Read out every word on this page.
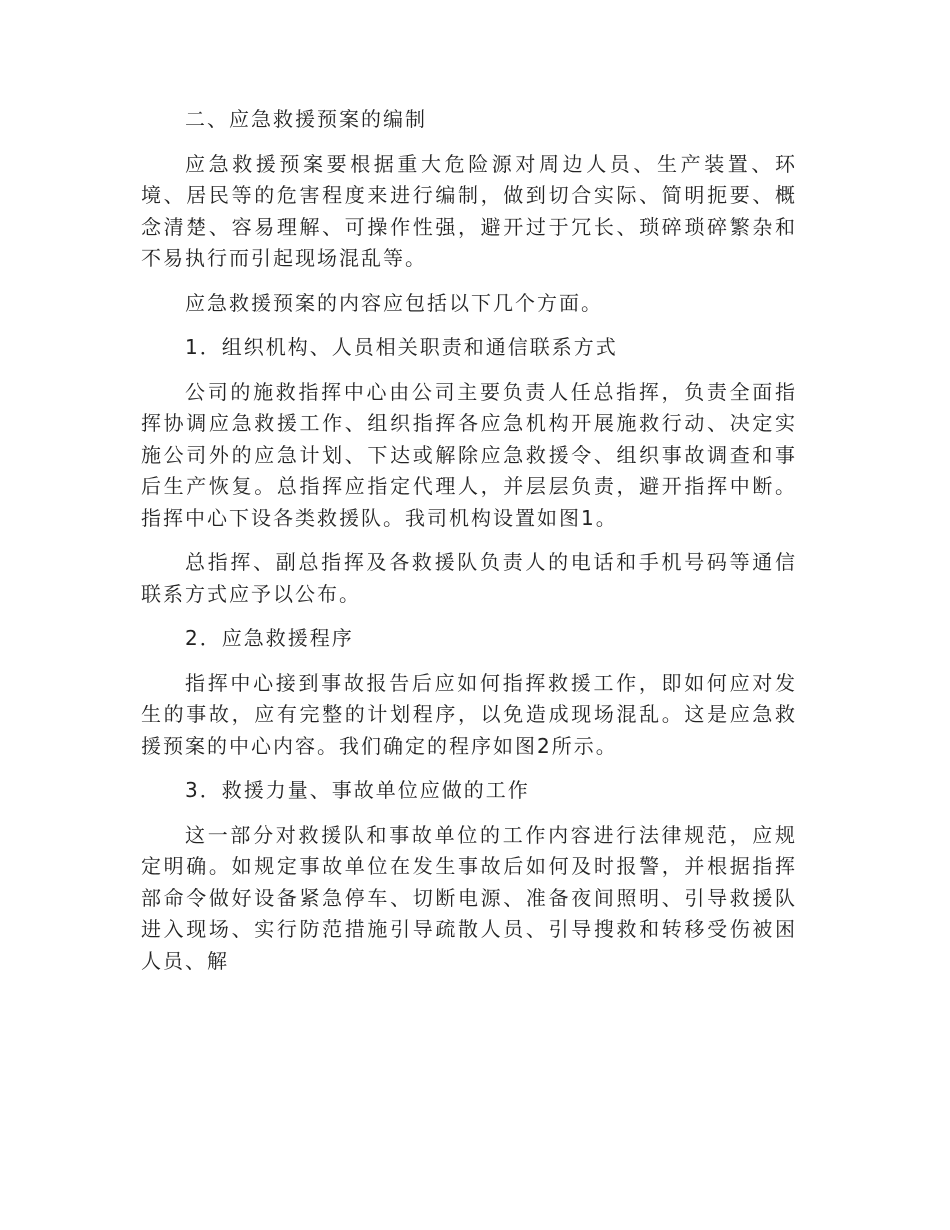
二、应急救援预案的编制

应急救援预案要根据重大危险源对周边人员、生产装置、环境、居民等的危害程度来进行编制，做到切合实际、简明扼要、概念清楚、容易理解、可操作性强，避开过于冗长、琐碎琐碎繁杂和不易执行而引起现场混乱等。

应急救援预案的内容应包括以下几个方面。

1．组织机构、人员相关职责和通信联系方式

公司的施救指挥中心由公司主要负责人任总指挥，负责全面指挥协调应急救援工作、组织指挥各应急机构开展施救行动、决定实施公司外的应急计划、下达或解除应急救援令、组织事故调查和事后生产恢复。总指挥应指定代理人，并层层负责，避开指挥中断。指挥中心下设各类救援队。我司机构设置如图1。

总指挥、副总指挥及各救援队负责人的电话和手机号码等通信联系方式应予以公布。

2．应急救援程序

指挥中心接到事故报告后应如何指挥救援工作，即如何应对发生的事故，应有完整的计划程序，以免造成现场混乱。这是应急救援预案的中心内容。我们确定的程序如图2所示。

3．救援力量、事故单位应做的工作

这一部分对救援队和事故单位的工作内容进行法律规范，应规定明确。如规定事故单位在发生事故后如何及时报警，并根据指挥部命令做好设备紧急停车、切断电源、准备夜间照明、引导救援队进入现场、实行防范措施引导疏散人员、引导搜救和转移受伤被困人员、解
